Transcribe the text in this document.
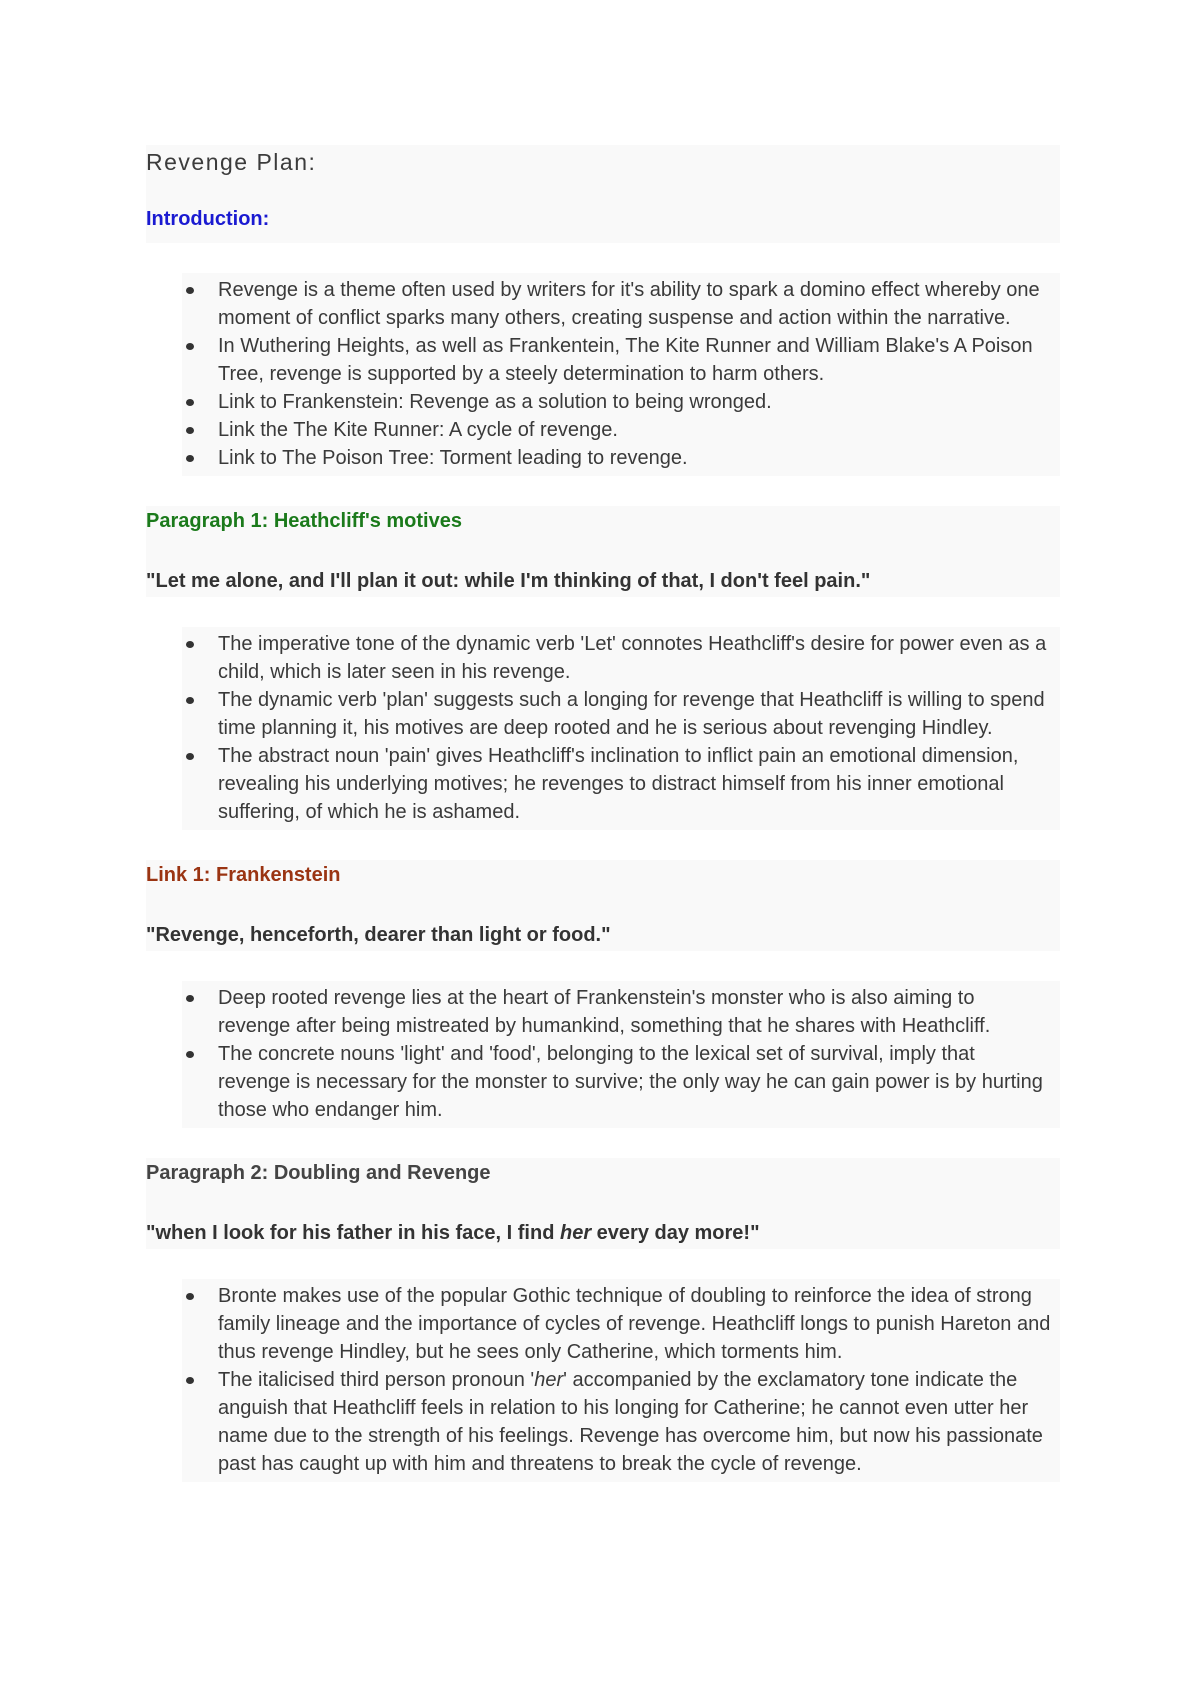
Revenge Plan:
Introduction:
Revenge is a theme often used by writers for it's ability to spark a domino effect whereby one moment of conflict sparks many others, creating suspense and action within the narrative.
In Wuthering Heights, as well as Frankentein, The Kite Runner and William Blake's A Poison Tree, revenge is supported by a steely determination to harm others.
Link to Frankenstein: Revenge as a solution to being wronged.
Link the The Kite Runner: A cycle of revenge.
Link to The Poison Tree: Torment leading to revenge.
Paragraph 1: Heathcliff's motives
"Let me alone, and I'll plan it out: while I'm thinking of that, I don't feel pain."
The imperative tone of the dynamic verb 'Let' connotes Heathcliff's desire for power even as a child, which is later seen in his revenge.
The dynamic verb 'plan' suggests such a longing for revenge that Heathcliff is willing to spend time planning it, his motives are deep rooted and he is serious about revenging Hindley.
The abstract noun 'pain' gives Heathcliff's inclination to inflict pain an emotional dimension, revealing his underlying motives; he revenges to distract himself from his inner emotional suffering, of which he is ashamed.
Link 1: Frankenstein
"Revenge, henceforth, dearer than light or food."
Deep rooted revenge lies at the heart of Frankenstein's monster who is also aiming to revenge after being mistreated by humankind, something that he shares with Heathcliff.
The concrete nouns 'light' and 'food', belonging to the lexical set of survival, imply that revenge is necessary for the monster to survive; the only way he can gain power is by hurting those who endanger him.
Paragraph 2: Doubling and Revenge
"when I look for his father in his face, I find her every day more!"
Bronte makes use of the popular Gothic technique of doubling to reinforce the idea of strong family lineage and the importance of cycles of revenge. Heathcliff longs to punish Hareton and thus revenge Hindley, but he sees only Catherine, which torments him.
The italicised third person pronoun 'her' accompanied by the exclamatory tone indicate the anguish that Heathcliff feels in relation to his longing for Catherine; he cannot even utter her name due to the strength of his feelings. Revenge has overcome him, but now his passionate past has caught up with him and threatens to break the cycle of revenge.
